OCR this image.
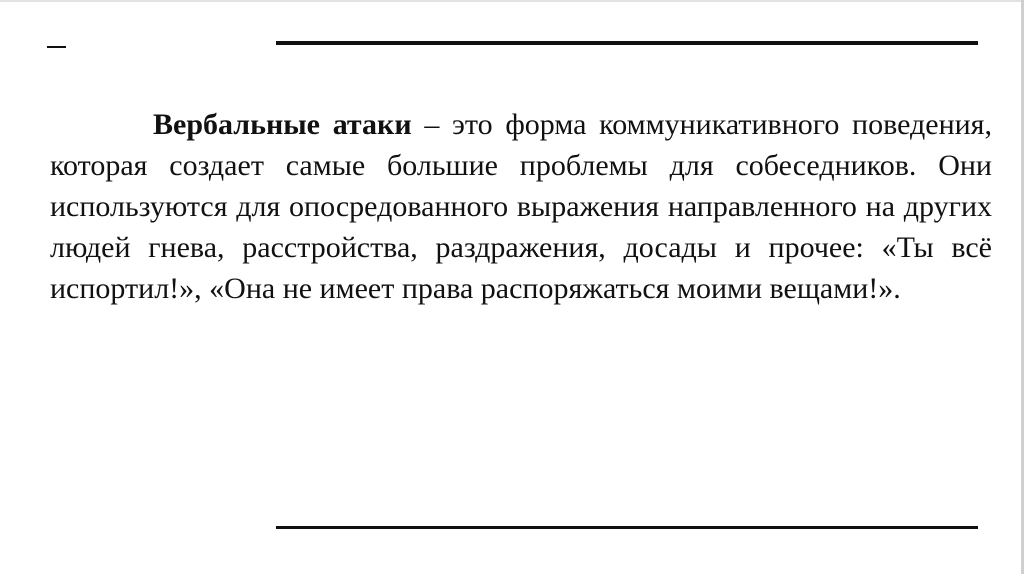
Вербальные атаки – это форма коммуникативного поведения, которая создает самые большие проблемы для собеседников. Они используются для опосредованного выражения направленного на других людей гнева, расстройства, раздражения, досады и прочее: «Ты всё испортил!», «Она не имеет права распоряжаться моими вещами!».
